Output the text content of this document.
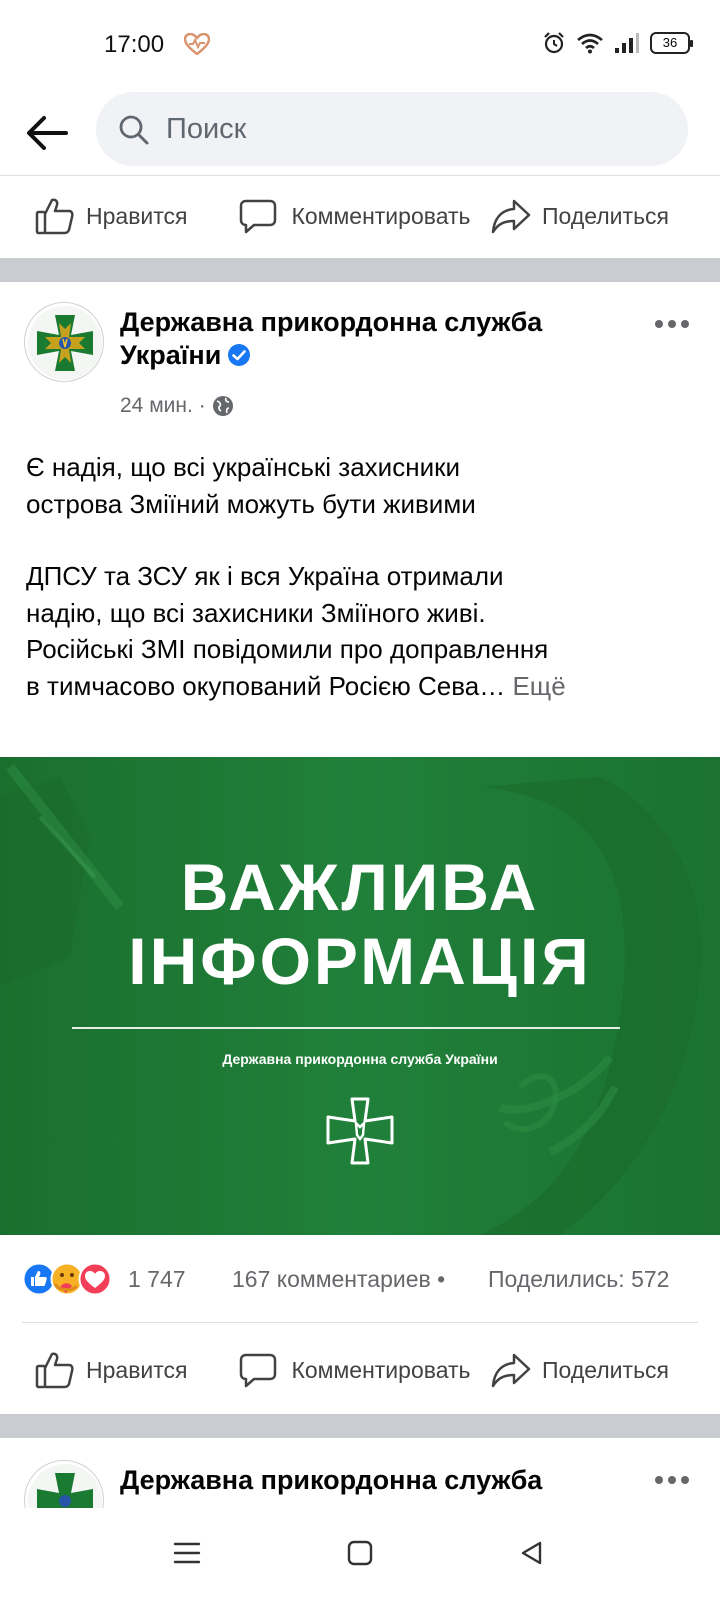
17:00	36
Поиск
Нравится	Комментировать	Поделиться
Державна прикордонна служба
України
24 мин. ·

Є надія, що всі українські захисники

острова Зміїний можуть бути живими

ДПСУ та ЗСУ як і вся Україна отримали

надію, що всі захисники Зміїного живі.

Російські ЗМІ повідомили про доправлення

в тимчасово окупований Росією Сева… Ещё

ВАЖЛИВА
ІНФОРМАЦІЯ
Державна прикордонна служба України
1 747 167 комментариев • Поделились: 572
Нравится	Комментировать	Поделиться
Державна прикордонна служба
